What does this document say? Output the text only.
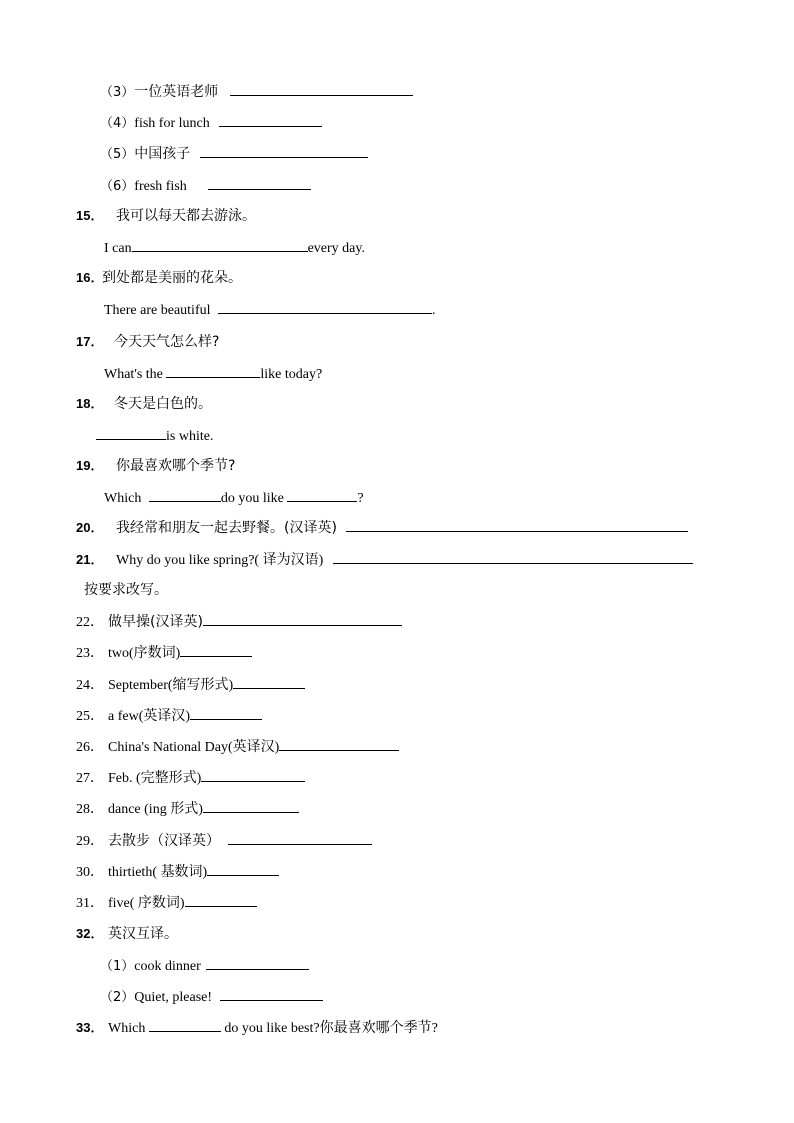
（3）一位英语老师
（4）fish for lunch
（5）中国孩子
（6）fresh fish
15． 我可以每天都去游泳。
I can	every day.
16．到处都是美丽的花朵。
There are beautiful	.
17． 今天天气怎么样?
What's the	like today?
18． 冬天是白色的。
is white.
19． 你最喜欢哪个季节?
Which	do you like	?
20． 我经常和朋友一起去野餐。(汉译英)
21． Why do you like spring?( 译为汉语)
按要求改写。
22． 做早操(汉译英)
23． two(序数词)
24． September(缩写形式)
25． a few(英译汉)
26． China's National Day(英译汉)
27． Feb. (完整形式)
28． dance (ing 形式)
29． 去散步（汉译英）
30． thirtieth( 基数词)
31． five( 序数词)
32． 英汉互译。
（1）cook dinner
（2）Quiet, please!
33． Which	do you like best?你最喜欢哪个季节?
